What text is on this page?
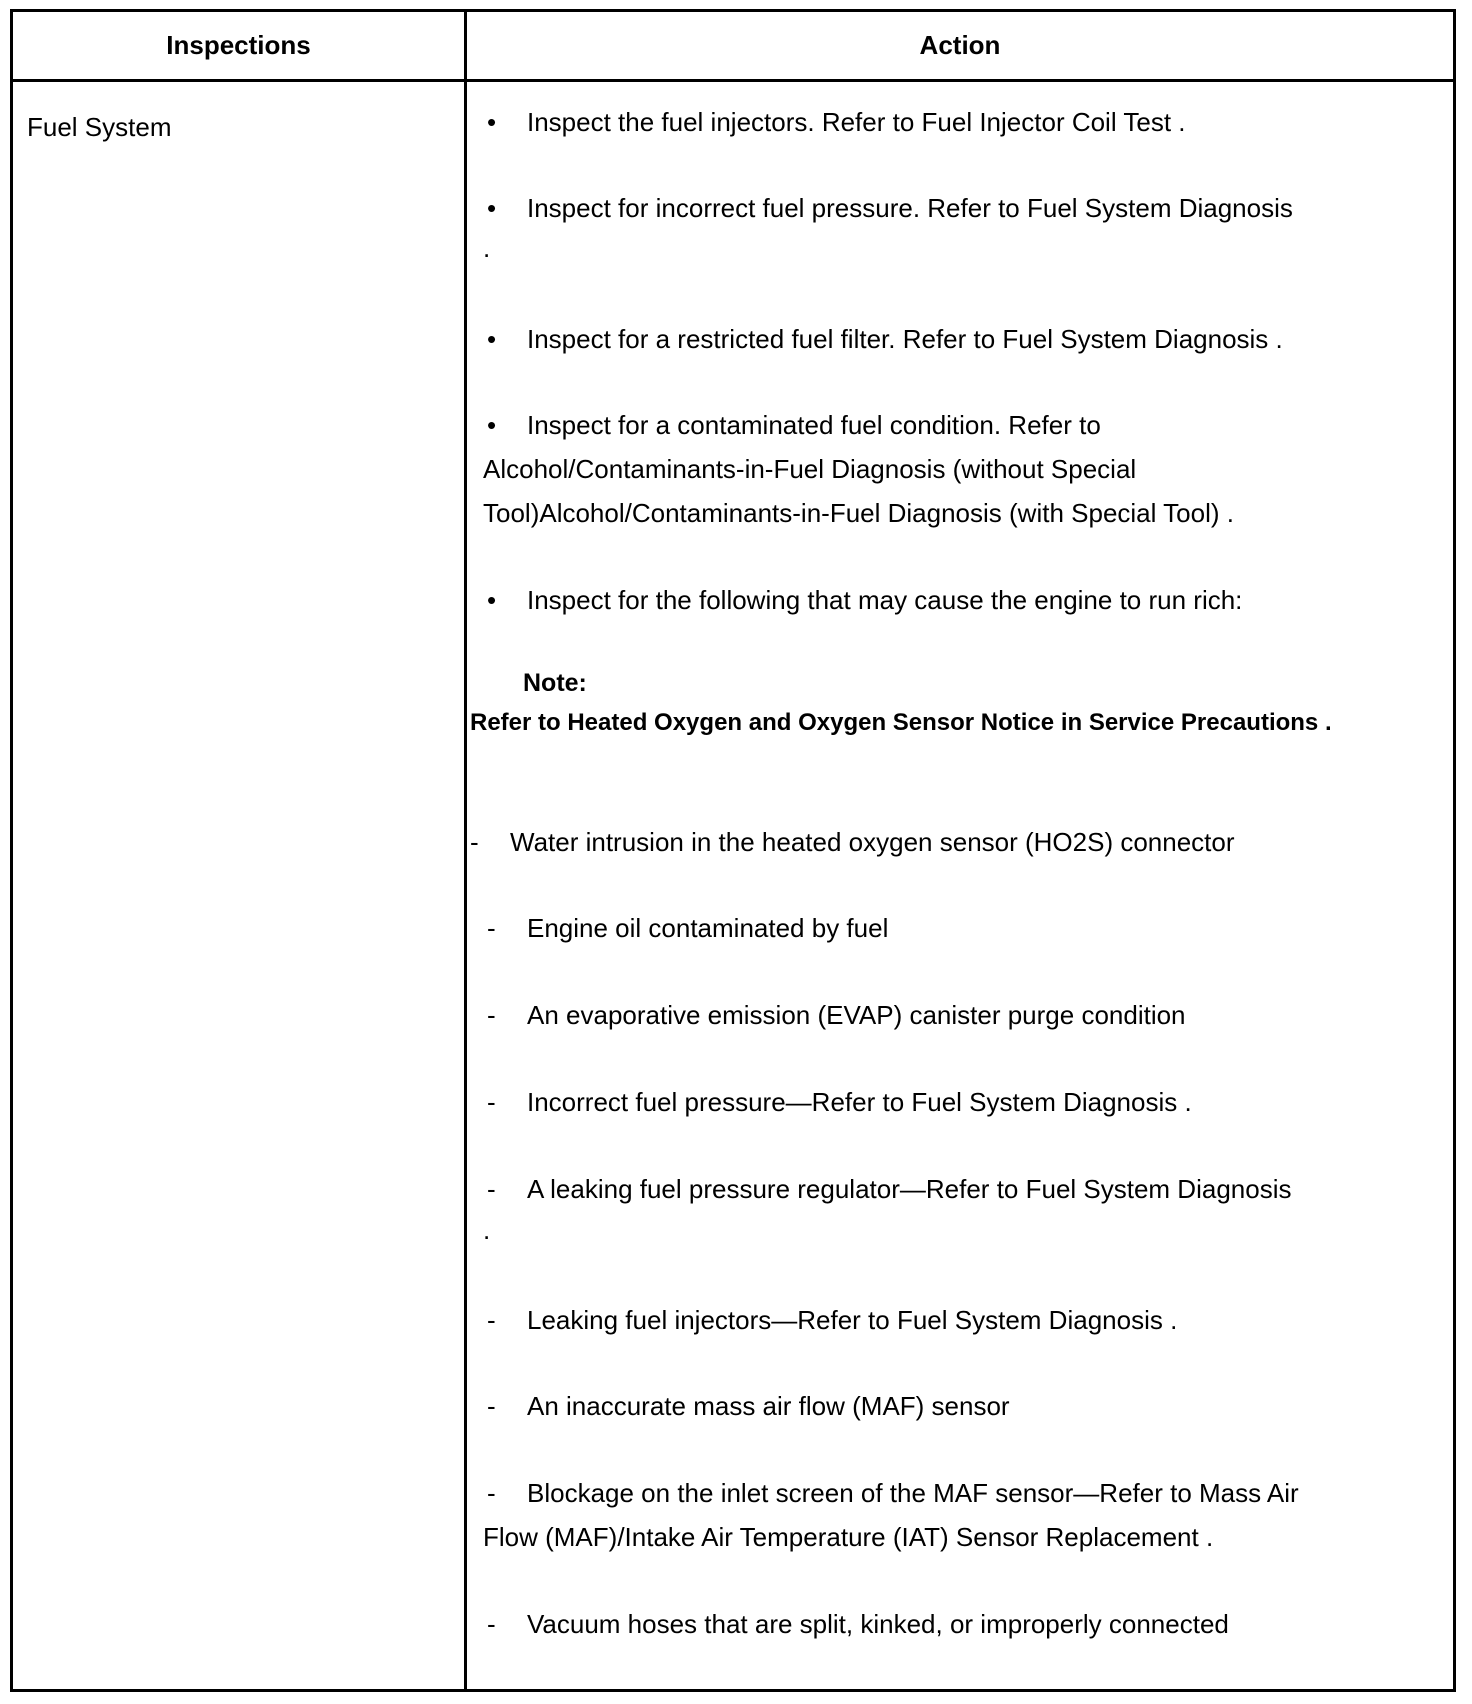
Inspections	Action
Fuel System	• Inspect the fuel injectors. Refer to Fuel Injector Coil Test .
• Inspect for incorrect fuel pressure. Refer to Fuel System Diagnosis
.
• Inspect for a restricted fuel filter. Refer to Fuel System Diagnosis .
• Inspect for a contaminated fuel condition. Refer to
Alcohol/Contaminants-in-Fuel Diagnosis (without Special
Tool)Alcohol/Contaminants-in-Fuel Diagnosis (with Special Tool) .
• Inspect for the following that may cause the engine to run rich:
Note:
Refer to Heated Oxygen and Oxygen Sensor Notice in Service Precautions .
- Water intrusion in the heated oxygen sensor (HO2S) connector
- Engine oil contaminated by fuel
- An evaporative emission (EVAP) canister purge condition
- Incorrect fuel pressure—Refer to Fuel System Diagnosis .
- A leaking fuel pressure regulator—Refer to Fuel System Diagnosis
.
- Leaking fuel injectors—Refer to Fuel System Diagnosis .
- An inaccurate mass air flow (MAF) sensor
- Blockage on the inlet screen of the MAF sensor—Refer to Mass Air
Flow (MAF)/Intake Air Temperature (IAT) Sensor Replacement .
- Vacuum hoses that are split, kinked, or improperly connected
